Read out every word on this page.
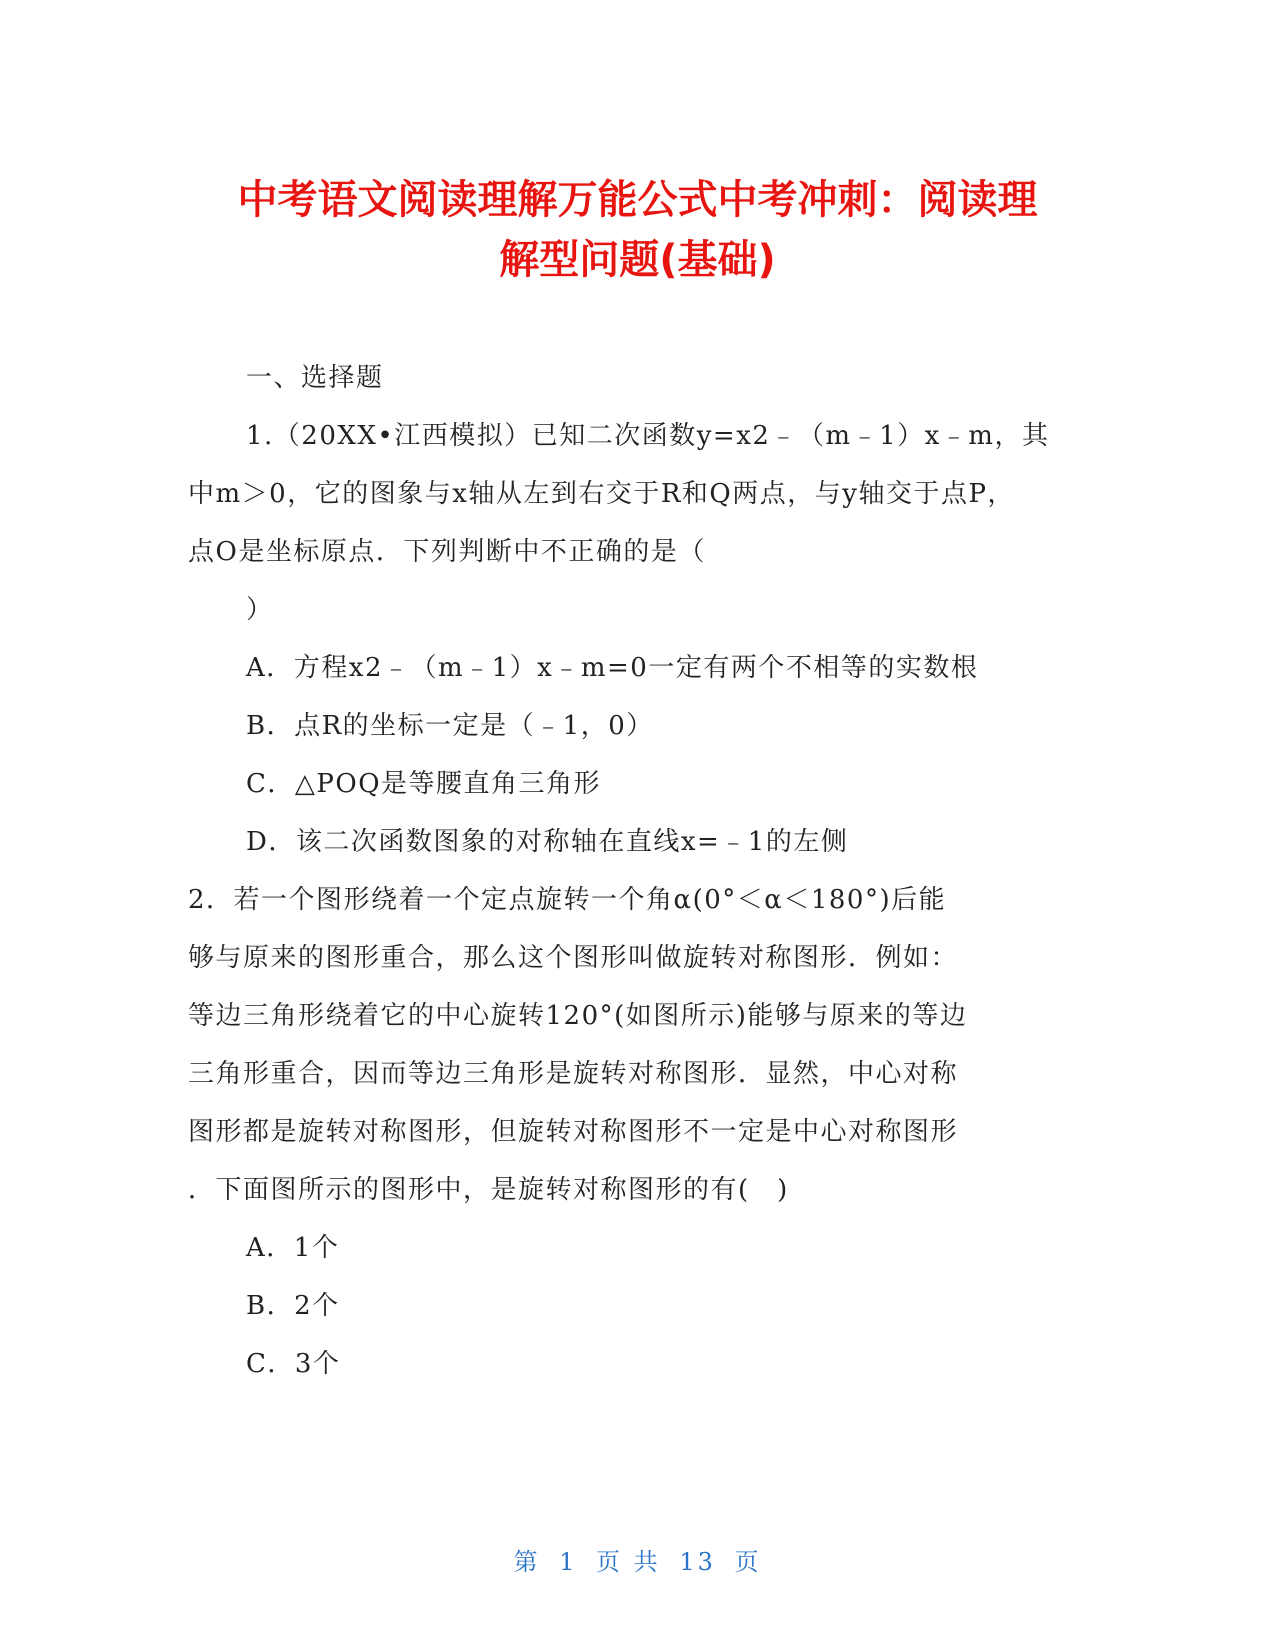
中考语文阅读理解万能公式中考冲刺：阅读理
解型问题(基础)
一、选择题
1.（20XX•江西模拟）已知二次函数y=x2﹣（m﹣1）x﹣m，其
中m＞0，它的图象与x轴从左到右交于R和Q两点，与y轴交于点P，
点O是坐标原点．下列判断中不正确的是（
）
A．方程x2﹣（m﹣1）x﹣m=0一定有两个不相等的实数根
B．点R的坐标一定是（﹣1，0）
C．△POQ是等腰直角三角形
D．该二次函数图象的对称轴在直线x=﹣1的左侧
2．若一个图形绕着一个定点旋转一个角α(0°＜α＜180°)后能
够与原来的图形重合，那么这个图形叫做旋转对称图形．例如：
等边三角形绕着它的中心旋转120°(如图所示)能够与原来的等边
三角形重合，因而等边三角形是旋转对称图形．显然，中心对称
图形都是旋转对称图形，但旋转对称图形不一定是中心对称图形
．下面图所示的图形中，是旋转对称图形的有(　)
A．1个
B．2个
C．3个
第 1 页 共 13 页
